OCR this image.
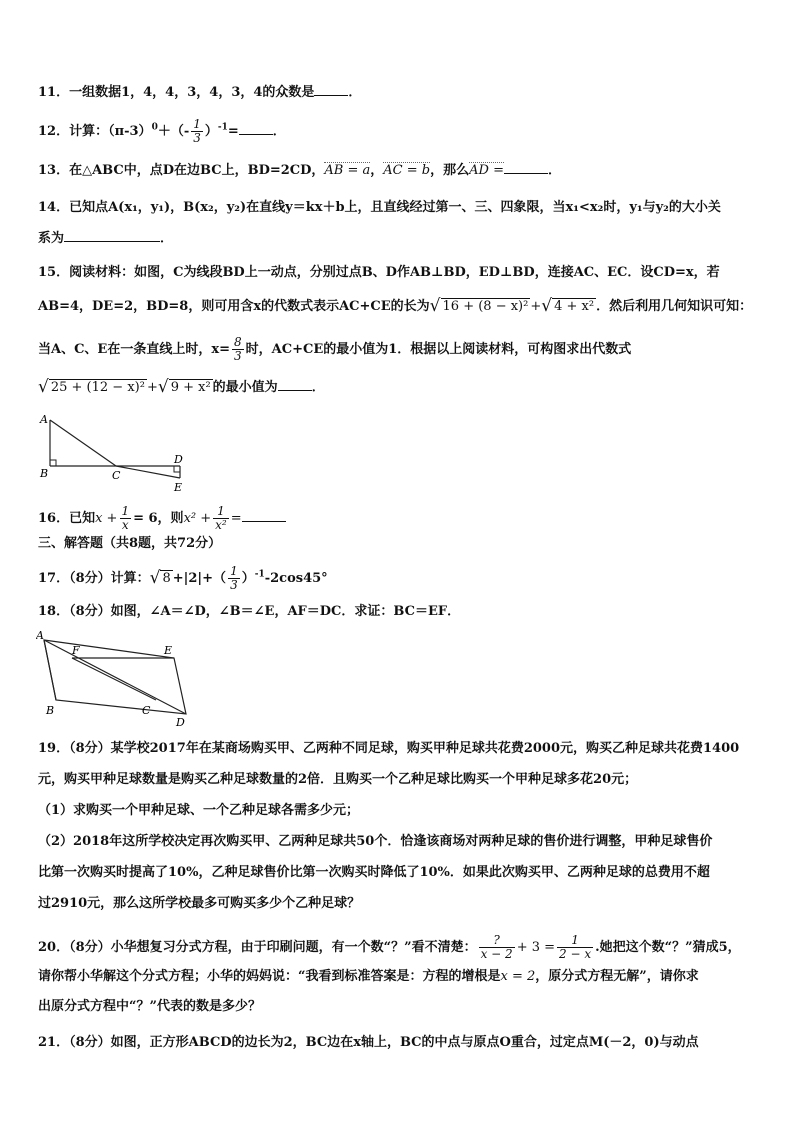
11．一组数据1，4，4，3，4，3，4的众数是	．
12．计算：$(\pi-3)^0+(- \frac{1}{3} )^{-1}=$	．
13．在△ABC中，点D在边BC上，BD=2CD，AB = a，AC = b，那么AD =	．
14．已知点A(x₁，y₁)，B(x₂，y₂)在直线y＝kx＋b上，且直线经过第一、三、四象限，当x₁<x₂时，y₁与y₂的大小关
系为	．
15．阅读材料：如图，C为线段BD上一动点，分别过点B、D作AB⊥BD，ED⊥BD，连接AC、EC．设CD=x，若
AB=4，DE=2，BD=8，则可用含x的代数式表示AC+CE的长为√ 16 + (8 − x)² +√ 4 + x² ．然后利用几何知识可知：
当A、C、E在一条直线上时，$x= \frac{8}{3}$ 时，AC+CE的最小值为1．根据以上阅读材料，可构图求出代数式
√ 25 + (12 − x)² +√ 9 + x² 的最小值为	．
A
B	C
D
E
16．已知$x + \frac{1}{x} = 6$，则$x^2 + \frac{1}{\text{x²}}$ =
三、解答题（共8题，共72分）
17．（8分）计算：√ $8 +|2|+( \frac{1}{3} )^{-1}-2\cos 45^\circ$
18．（8分）如图，∠A＝∠D，∠B＝∠E，AF＝DC．求证：BC＝EF．
A
F	E
B	C
D
19．（8分）某学校2017年在某商场购买甲、乙两种不同足球，购买甲种足球共花费2000元，购买乙种足球共花费1400
元，购买甲种足球数量是购买乙种足球数量的2倍．且购买一个乙种足球比购买一个甲种足球多花20元；
（1）求购买一个甲种足球、一个乙种足球各需多少元；
（2）2018年这所学校决定再次购买甲、乙两种足球共50个．恰逢该商场对两种足球的售价进行调整，甲种足球售价
比第一次购买时提高了10%，乙种足球售价比第一次购买时降低了10%．如果此次购买甲、乙两种足球的总费用不超
过2910元，那么这所学校最多可购买多少个乙种足球？
20．（8分）小华想复习分式方程，由于印刷问题，有一个数“？”看不清楚： $\frac{?}{x - 2} + 3 = \frac{1}{2 - x}$ .她把这个数“？”猜成5，
请你帮小华解这个分式方程；小华的妈妈说：“我看到标准答案是：方程的增根是x = 2，原分式方程无解”，请你求
出原分式方程中“？”代表的数是多少？
21．（8分）如图，正方形ABCD的边长为2，BC边在x轴上，BC的中点与原点O重合，过定点M(－2，0)与动点
